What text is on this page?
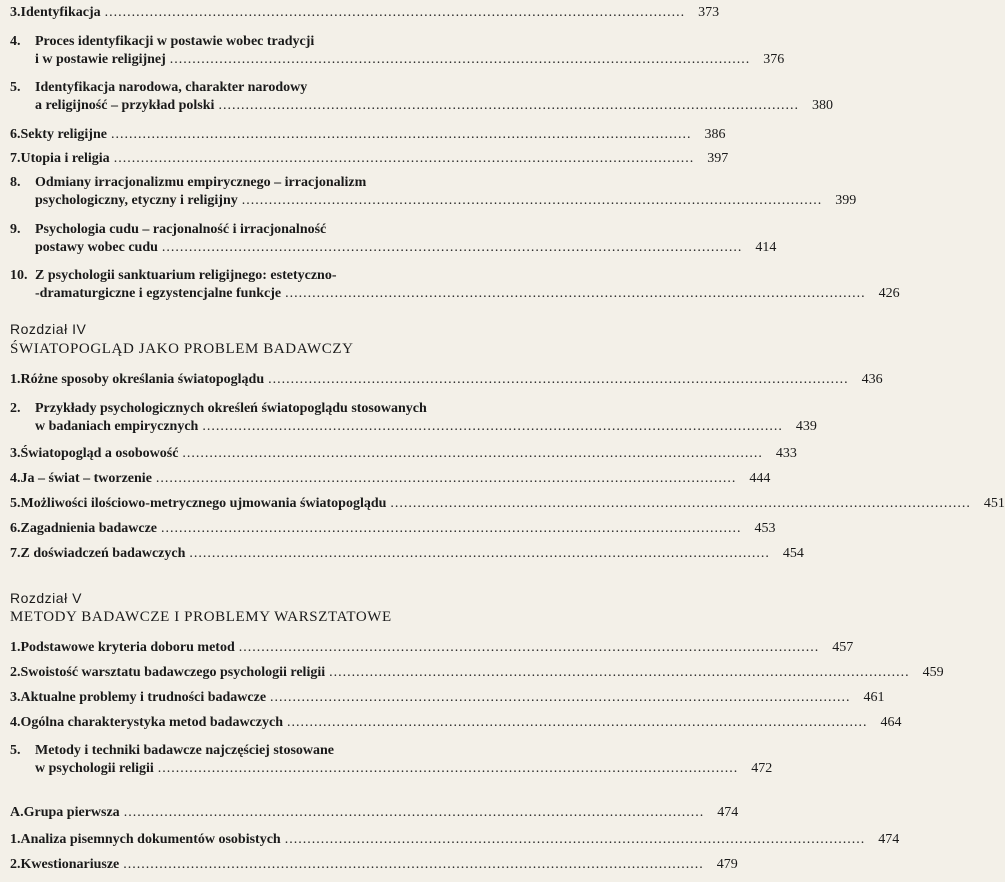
3. Identyfikacja ................................................................................................................................. 373
4. Proces identyfikacji w postawie wobec tradycji
i w postawie religijnej ................................................................................................................................. 376
5. Identyfikacja narodowa, charakter narodowy
a religijność – przykład polski ................................................................................................................................. 380
6. Sekty religijne ................................................................................................................................. 386
7. Utopia i religia ................................................................................................................................. 397
8. Odmiany irracjonalizmu empirycznego – irracjonalizm
psychologiczny, etyczny i religijny ................................................................................................................................. 399
9. Psychologia cudu – racjonalność i irracjonalność
postawy wobec cudu ................................................................................................................................. 414
10. Z psychologii sanktuarium religijnego: estetyczno-
-dramaturgiczne i egzystencjalne funkcje ................................................................................................................................. 426
Rozdział IV
ŚWIATOPOGLĄD JAKO PROBLEM BADAWCZY
1. Różne sposoby określania światopoglądu ................................................................................................................................. 436
2. Przykłady psychologicznych określeń światopoglądu stosowanych
w badaniach empirycznych ................................................................................................................................. 439
3. Światopogląd a osobowość ................................................................................................................................. 433
4. Ja – świat – tworzenie ................................................................................................................................. 444
5. Możliwości ilościowo-metrycznego ujmowania światopoglądu ................................................................................................................................. 451
6. Zagadnienia badawcze ................................................................................................................................. 453
7. Z doświadczeń badawczych ................................................................................................................................. 454
Rozdział V
METODY BADAWCZE I PROBLEMY WARSZTATOWE
1. Podstawowe kryteria doboru metod ................................................................................................................................. 457
2. Swoistość warsztatu badawczego psychologii religii ................................................................................................................................. 459
3. Aktualne problemy i trudności badawcze ................................................................................................................................. 461
4. Ogólna charakterystyka metod badawczych ................................................................................................................................. 464
5. Metody i techniki badawcze najczęściej stosowane
w psychologii religii ................................................................................................................................. 472
A. Grupa pierwsza ................................................................................................................................. 474
1. Analiza pisemnych dokumentów osobistych ................................................................................................................................. 474
2. Kwestionariusze ................................................................................................................................. 479
